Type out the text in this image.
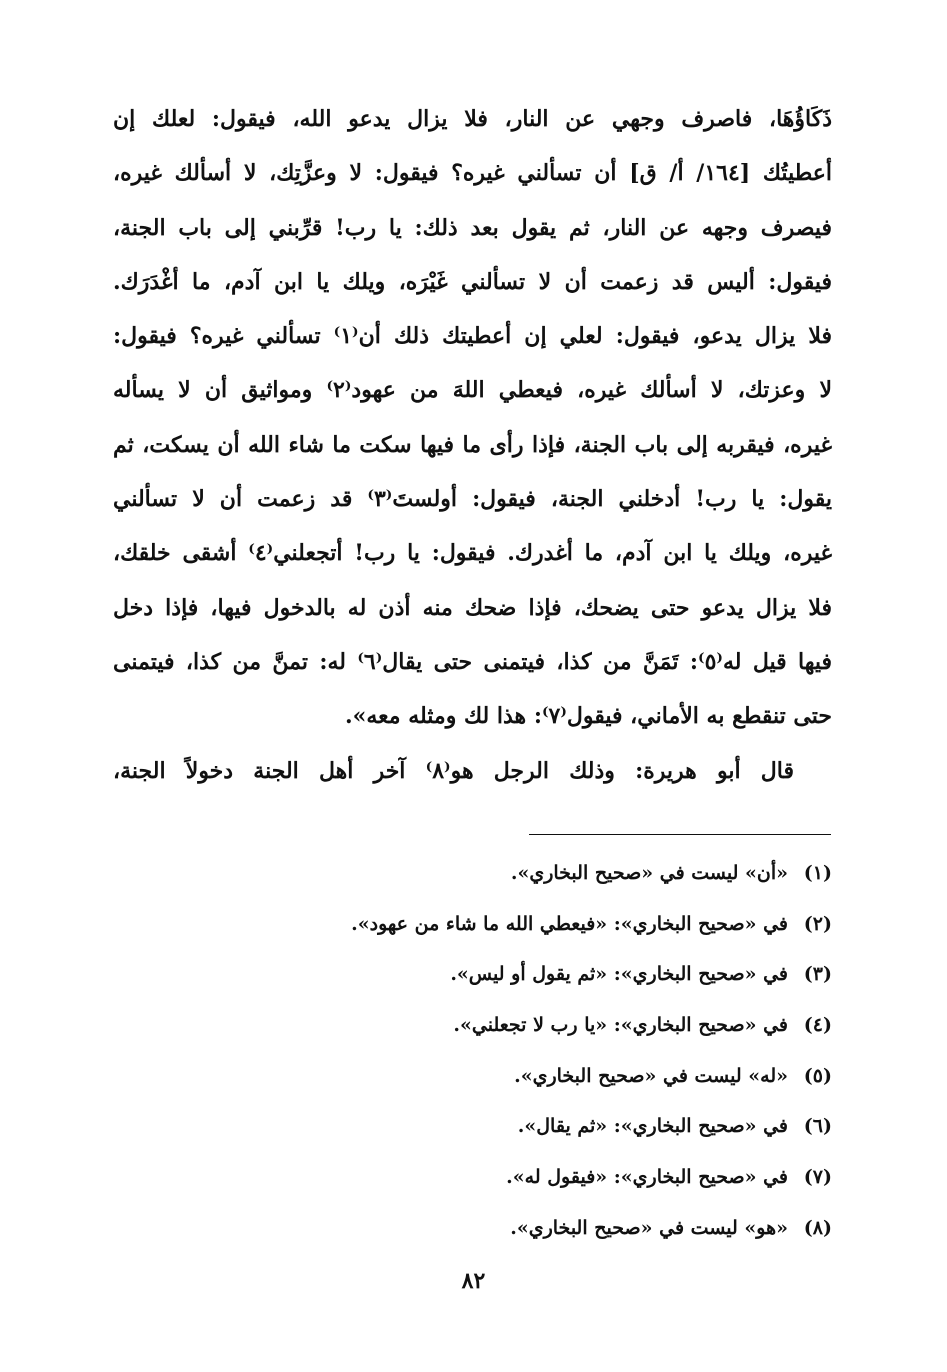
ذَكَاؤُهَا، فاصرف وجهي عن النار، فلا يزال يدعو الله، فيقول: لعلك إن
أعطيتُك [١٦٤/ أ/ ق] أن تسألني غيره؟ فيقول: لا وعزَّتِك، لا أسألك غيره،
فيصرف وجهه عن النار، ثم يقول بعد ذلك: يا رب! قرِّبني إلى باب الجنة،
فيقول: أليس قد زعمت أن لا تسألني غَيْرَه، ويلك يا ابن آدم، ما أغْدَرَك.
فلا يزال يدعو، فيقول: لعلي إن أعطيتك ذلك أن⁽١⁾ تسألني غيره؟ فيقول:
لا وعزتك، لا أسألك غيره، فيعطي اللهَ من عهود⁽٢⁾ ومواثيق أن لا يسأله
غيره، فيقربه إلى باب الجنة، فإذا رأى ما فيها سكت ما شاء الله أن يسكت، ثم
يقول: يا رب! أدخلني الجنة، فيقول: أولستَ⁽٣⁾ قد زعمت أن لا تسألني
غيره، ويلك يا ابن آدم، ما أغدرك. فيقول: يا رب! أتجعلني⁽٤⁾ أشقى خلقك،
فلا يزال يدعو حتى يضحك، فإذا ضحك منه أذن له بالدخول فيها، فإذا دخل
فيها قيل له⁽٥⁾: تَمَنَّ من كذا، فيتمنى حتى يقال⁽٦⁾ له: تمنَّ من كذا، فيتمنى
حتى تنقطع به الأماني، فيقول⁽٧⁾: هذا لك ومثله معه».
قال أبو هريرة: وذلك الرجل هو⁽٨⁾ آخر أهل الجنة دخولاً الجنة،
(١)«أن» ليست في «صحيح البخاري».
(٢)في «صحيح البخاري»: «فيعطي الله ما شاء من عهود».
(٣)في «صحيح البخاري»: «ثم يقول أو ليس».
(٤)في «صحيح البخاري»: «يا رب لا تجعلني».
(٥)«له» ليست في «صحيح البخاري».
(٦)في «صحيح البخاري»: «ثم يقال».
(٧)في «صحيح البخاري»: «فيقول له».
(٨)«هو» ليست في «صحيح البخاري».
٨٢
